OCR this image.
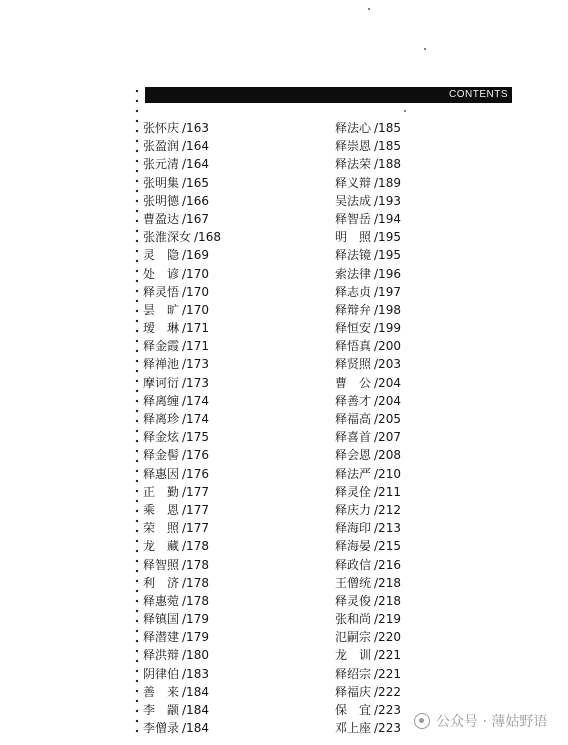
CONTENTS
张怀庆 /163
张盈润 /164
张元清 /164
张明集 /165
张明德 /166
曹盈达 /167
张淮深女 /168
灵　隐 /169
处　谚 /170
释灵悟 /170
昙　旷 /170
瑷　琳 /171
释金霞 /171
释禅池 /173
摩诃衍 /173
释离缠 /174
释离珍 /174
释金炫 /175
释金髻 /176
释惠因 /176
正　勤 /177
乘　恩 /177
荣　照 /177
龙　藏 /178
释智照 /178
利　济 /178
释惠菀 /178
释镇国 /179
释潜建 /179
释洪辩 /180
阴律伯 /183
善　来 /184
李　颛 /184
李僧录 /184
释法心 /185
释崇恩 /185
释法荣 /188
释义辩 /189
吴法成 /193
释智岳 /194
明　照 /195
释法镜 /195
索法律 /196
释志贞 /197
释辩弁 /198
释恒安 /199
释悟真 /200
释贤照 /203
曹　公 /204
释善才 /204
释福高 /205
释喜首 /207
释会恩 /208
释法严 /210
释灵佺 /211
释庆力 /212
释海印 /213
释海晏 /215
释政信 /216
王僧统 /218
释灵俊 /218
张和尚 /219
氾嗣宗 /220
龙　训 /221
释绍宗 /221
释福庆 /222
保　宜 /223
邓上座 /223	公众号 · 薄姑野语
